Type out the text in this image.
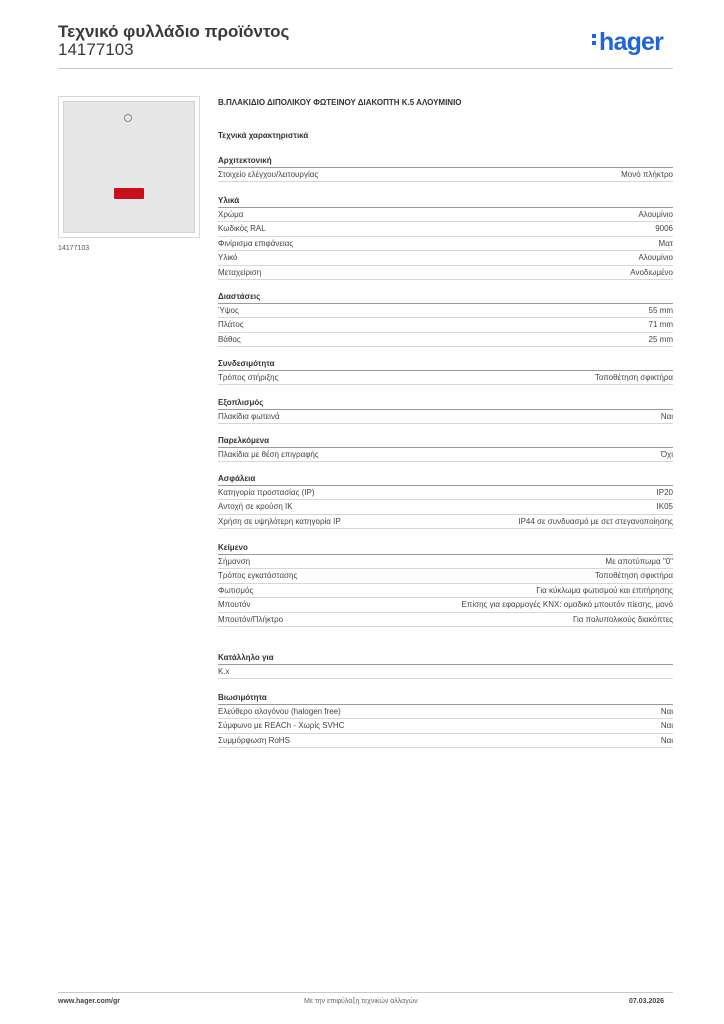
Τεχνικό φυλλάδιο προϊόντος
14177103	hager
14177103
Β.ΠΛΑΚΙΔΙΟ ΔΙΠΟΛΙΚΟΥ ΦΩΤΕΙΝΟΥ ΔΙΑΚΟΠΤΗ Κ.5 ΑΛΟΥΜΙΝΙΟ
Τεχνικά χαρακτηριστικά
Αρχιτεκτονική
Στοιχείο ελέγχου/λειτουργίας	Μονό πλήκτρο
Υλικά
Χρώμα	Αλουμίνιο
Κωδικός RAL	9006
Φινίρισμα επιφάνειας	Ματ
Υλικό	Αλουμίνιο
Μεταχείριση	Ανοδιωμένο
Διαστάσεις
Ύψος	55 mm
Πλάτος	71 mm
Βάθος	25 mm
Συνδεσιμότητα
Τρόπος στήριξης	Τοποθέτηση σφικτήρα
Εξοπλισμός
Πλακίδια φωτεινά	Ναι
Παρελκόμενα
Πλακίδια με θέση επιγραφής	Όχι
Ασφάλεια
Κατηγορία προστασίας (IP)	IP20
Αντοχή σε κρούση IK	IK05
Χρήση σε υψηλότερη κατηγορία IP	IP44 σε συνδυασμό με σετ στεγανοποίησης
Κείμενο
Σήμανση	Με αποτύπωμα "0"
Τρόπος εγκατάστασης	Τοποθέτηση σφικτήρα
Φωτισμός	Για κύκλωμα φωτισμού και επιτήρησης
Μπουτόν	Επίσης για εφαρμογές KNX: ομαδικό μπουτόν πίεσης, μονό
Μπουτόν/Πλήκτρο	Για πολυπολικούς διακόπτες
Κατάλληλο για
K.x
Βιωσιμότητα
Ελεύθερο αλογόνου (halogen free)	Ναι
Σύμφωνο με REACh - Χωρίς SVHC	Ναι
Συμμόρφωση RoHS	Ναι
www.hager.com/gr	Με την επιφύλαξη τεχνικών αλλαγών	07.03.2026
